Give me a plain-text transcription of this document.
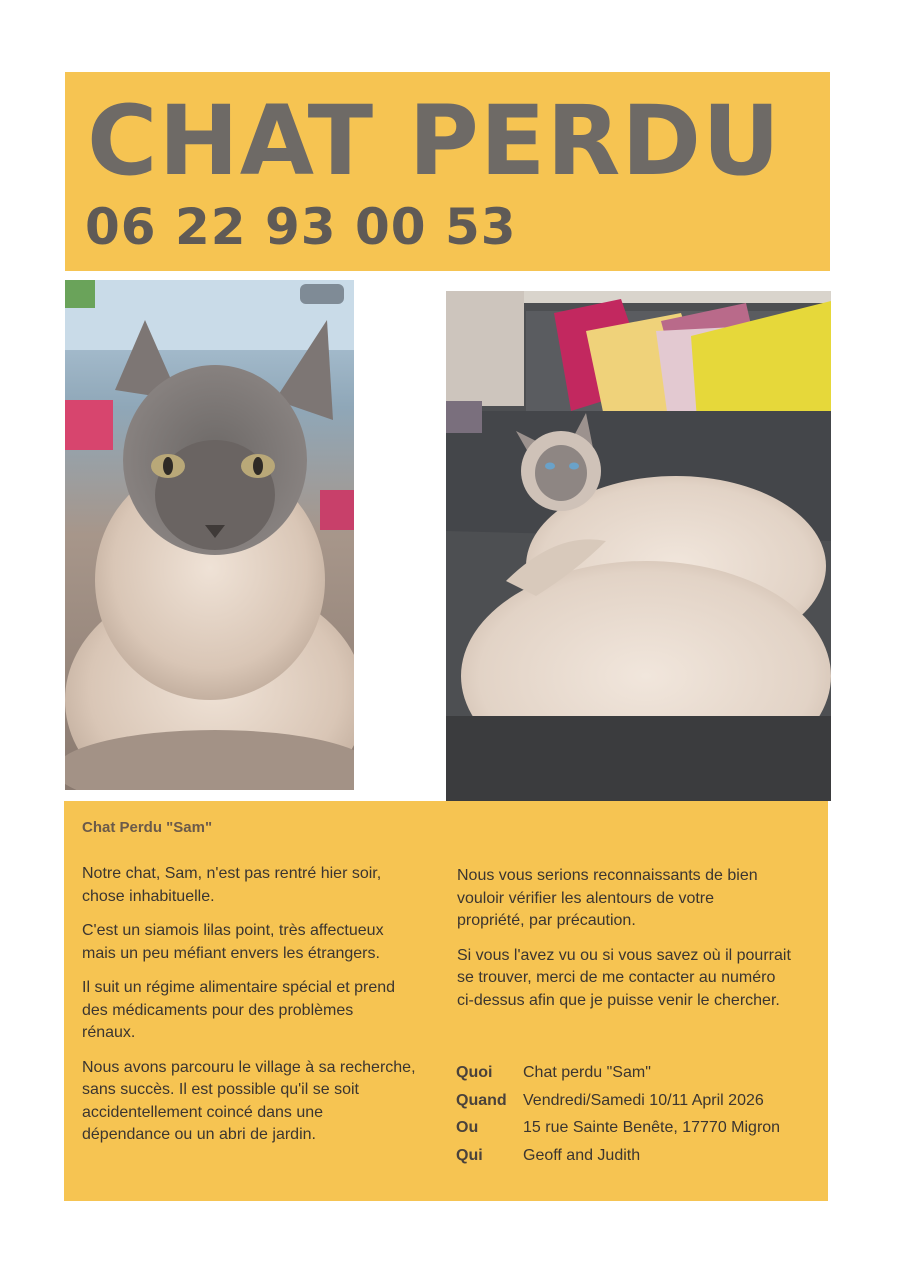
CHAT PERDU
06 22 93 00 53
Chat Perdu "Sam"

Notre chat, Sam, n'est pas rentré hier soir,
chose inhabituelle.

C'est un siamois lilas point, très affectueux
mais un peu méfiant envers les étrangers.

Il suit un régime alimentaire spécial et prend
des médicaments pour des problèmes
rénaux.

Nous avons parcouru le village à sa recherche,
sans succès. Il est possible qu'il se soit
accidentellement coincé dans une
dépendance ou un abri de jardin.

Nous vous serions reconnaissants de bien
vouloir vérifier les alentours de votre
propriété, par précaution.

Si vous l'avez vu ou si vous savez où il pourrait
se trouver, merci de me contacter au numéro
ci-dessus afin que je puisse venir le chercher.

Quoi Chat perdu "Sam"
Quand Vendredi/Samedi 10/11 April 2026
Ou	15 rue Sainte Benête, 17770 Migron
Qui	Geoff and Judith
